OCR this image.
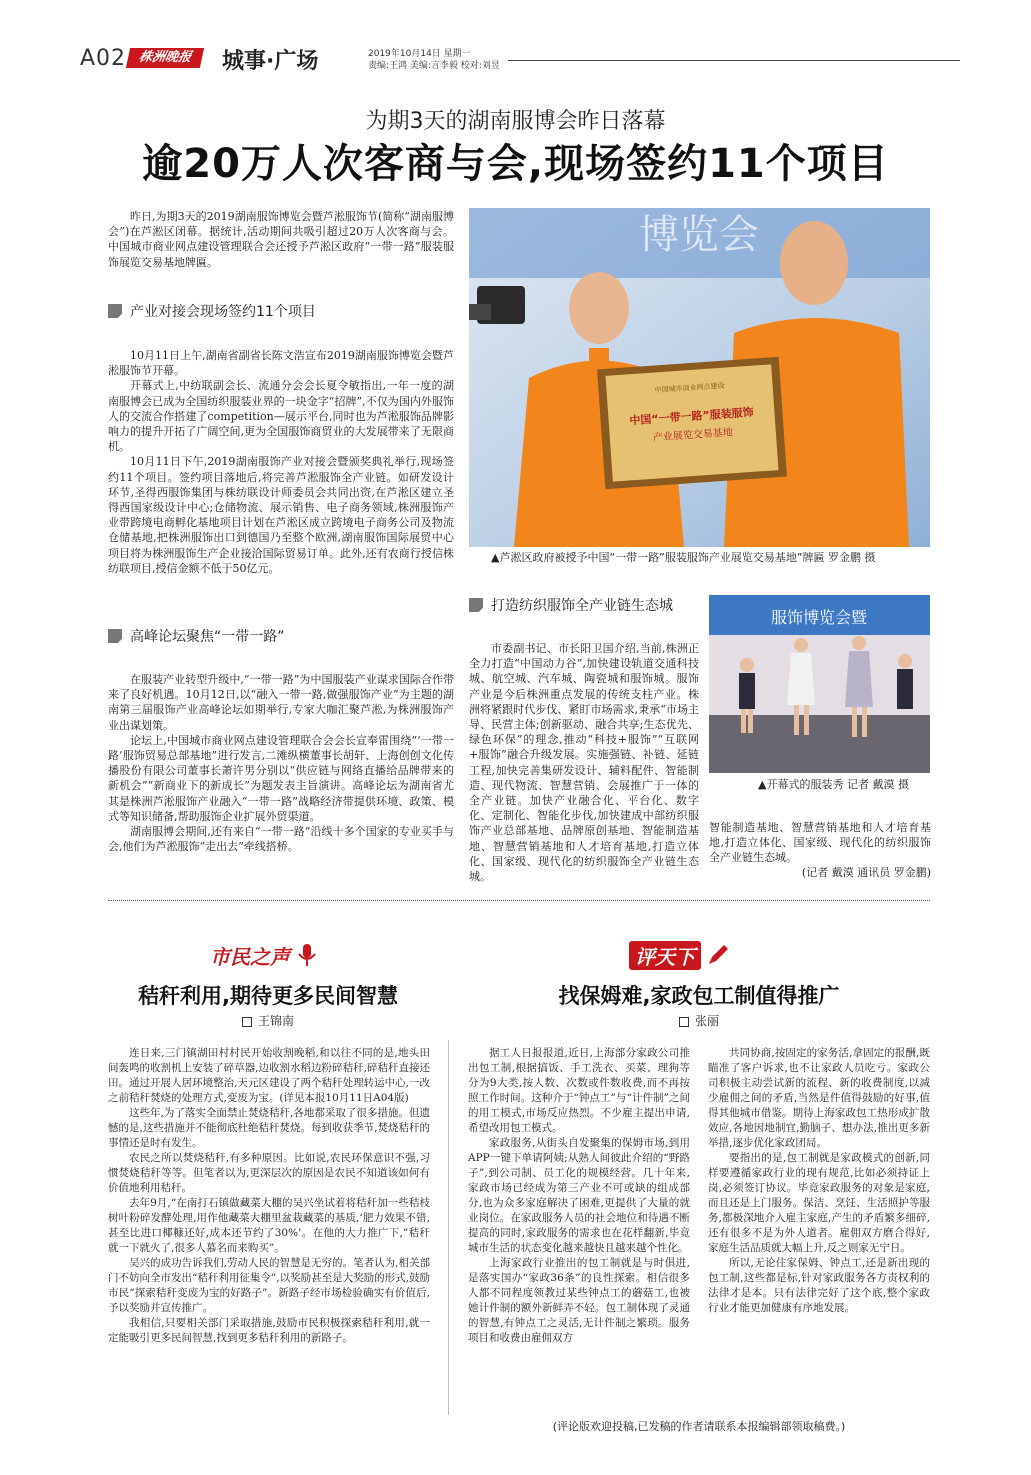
A02 株洲晚报	城事·广场	2019年10月14日 星期一
责编:王鸿 美编:言李毅 校对:刘昱
为期3天的湖南服博会昨日落幕
逾20万人次客商与会,现场签约11个项目

昨日,为期3天的2019湖南服饰博览会暨芦淞服饰节(简称“湖南服博会”)在芦淞区闭幕。据统计,活动期间共吸引超过20万人次客商与会。中国城市商业网点建设管理联合会还授予芦淞区政府“一带一路”服装服饰展览交易基地牌匾。

产业对接会现场签约11个项目

10月11日上午,湖南省副省长陈文浩宣布2019湖南服饰博览会暨芦淞服饰节开幕。

开幕式上,中纺联副会长、流通分会会长夏令敏指出,一年一度的湖南服博会已成为全国纺织服装业界的一块金字“招牌”,不仅为国内外服饰人的交流合作搭建了competition—展示平台,同时也为芦淞服饰品牌影响力的提升开拓了广阔空间,更为全国服饰商贸业的大发展带来了无限商机。

10月11日下午,2019湖南服饰产业对接会暨颁奖典礼举行,现场签约11个项目。签约项目落地后,将完善芦淞服饰全产业链。如研发设计环节,圣得西服饰集团与株纺联设计师委员会共同出资,在芦淞区建立圣得西国家级设计中心;仓储物流、展示销售、电子商务领域,株洲服饰产业带跨境电商孵化基地项目计划在芦淞区成立跨境电子商务公司及物流仓储基地,把株洲服饰出口到德国乃至整个欧洲,湖南服饰国际展贸中心项目将为株洲服饰生产企业接洽国际贸易订单。此外,还有农商行授信株纺联项目,授信金额不低于50亿元。

高峰论坛聚焦“一带一路”

在服装产业转型升级中,“一带一路”为中国服装产业谋求国际合作带来了良好机遇。10月12日,以“融入一带一路,做强服饰产业”为主题的湖南第三届服饰产业高峰论坛如期举行,专家大咖汇聚芦淞,为株洲服饰产业出谋划策。

论坛上,中国城市商业网点建设管理联合会会长宣奉雷围绕“‘一带一路’服饰贸易总部基地”进行发言,二滩纵横董事长胡轩、上海创创文化传播股份有限公司董事长萧许男分别以“供应链与网络直播给品牌带来的新机会”“新商业下的新成长”为题发表主旨演讲。高峰论坛为湖南省尤其是株洲芦淞服饰产业融入“一带一路”战略经济带提供环境、政策、模式等知识储备,帮助服饰企业扩展外贸渠道。

湖南服博会期间,还有来自“一带一路”沿线十多个国家的专业买手与会,他们为芦淞服饰“走出去”牵线搭桥。

博览会
中国城市商业网点建设
中国“一带一路”服装服饰
产业展览交易基地
▲芦淞区政府被授予中国“一带一路”服装服饰产业展览交易基地”牌匾 罗金鹏 摄
打造纺织服饰全产业链生态城

市委副书记、市长阳卫国介绍,当前,株洲正全力打造“中国动力谷”,加快建设轨道交通科技城、航空城、汽车城、陶瓷城和服饰城。服饰产业是今后株洲重点发展的传统支柱产业。株洲将紧跟时代步伐、紧盯市场需求,秉承“市场主导、民营主体;创新驱动、融合共享;生态优先、绿色环保”的理念,推动“科技+服饰”“互联网+服饰”融合升级发展。实施强链、补链、延链工程,加快完善集研发设计、辅料配件、智能制造、现代物流、智慧营销、会展推广于一体的全产业链。加快产业融合化、平台化、数字化、定制化、智能化步伐,加快建成中部纺织服饰产业总部基地、品牌原创基地、智能制造基地、智慧营销基地和人才培育基地,打造立体化、国家级、现代化的纺织服饰全产业链生态城。

服饰博览会暨
▲开幕式的服装秀 记者 戴漠 摄

智能制造基地、智慧营销基地和人才培育基地,打造立体化、国家级、现代化的纺织服饰全产业链生态城。

(记者 戴漠 通讯员 罗金鹏)
市民之声
秸秆利用,期待更多民间智慧
王锦南

连日来,三门镇湖田村村民开始收割晚稻,和以往不同的是,地头田间轰鸣的收割机上安装了碎草器,边收割水稻边粉碎秸秆,碎秸秆直接还田。通过开展人居环境整治,天元区建设了两个秸秆处理转运中心,一改之前秸秆焚烧的处理方式,变废为宝。(详见本报10月11日A04版)

这些年,为了落实全面禁止焚烧秸秆,各地都采取了很多措施。但遗憾的是,这些措施并不能彻底杜绝秸秆焚烧。每到收获季节,焚烧秸秆的事情还是时有发生。

农民之所以焚烧秸秆,有多种原因。比如说,农民环保意识不强,习惯焚烧秸秆等等。但笔者以为,更深层次的原因是农民不知道该如何有价值地利用秸秆。

去年9月,“在南打石镇做藏菜大棚的吴兴坐试着将秸秆加一些秸枝树叶粉碎发酵处理,用作他藏菜大棚里盆栽藏菜的基质,‘肥力效果不错,甚至比进口椰糠还好,成本还节约了30%’。在他的大力推广下,”秸秆就一下就火了,很多人慕名而来购买”。

吴兴的成功告诉我们,劳动人民的智慧是无穷的。笔者认为,相关部门不妨向全市发出“秸秆利用征集令”,以奖励甚至是大奖励的形式,鼓励市民“探索秸秆变废为宝的好路子”。新路子经市场检验确实有价值后,予以奖励并宣传推广。

我相信,只要相关部门采取措施,鼓励市民积极探索秸秆利用,就一定能吸引更多民间智慧,找到更多秸秆利用的新路子。

评天下
找保姆难,家政包工制值得推广
张丽

据工人日报报道,近日,上海部分家政公司推出包工制,根据搞饭、手工洗衣、买菜、理狗等分为9大类,按人数、次数或件数收费,而不再按照工作时间。这种介于“钟点工”与“计件制”之间的用工模式,市场反应热烈。不少雇主提出申请,希望改用包工模式。

家政服务,从街头自发聚集的保姆市场,到用APP一键下单请阿姨;从熟人间彼此介绍的“野路子”,到公司制、员工化的规模经营。几十年来,家政市场已经成为第三产业不可或缺的组成部分,也为众多家庭解决了困难,更提供了大量的就业岗位。在家政服务人员的社会地位和待遇不断提高的同时,家政服务的需求也在花样翻新,毕竟城市生活的状态变化越来越快且越来越个性化。

上海家政行业推出的包工制就是与时俱进,是落实国办“家政36条”的良性探索。相信很多人都不同程度领教过某些钟点工的蘑菇工,也被她计件制的额外新鲜弄不轻。包工制体现了灵通的智慧,有钟点工之灵活,无计件制之繁琐。服务项目和收费由雇佣双方

共同协商,按固定的家务活,拿固定的报酬,既瞄准了客户诉求,也不让家政人员吃亏。家政公司积极主动尝试新的流程、新的收费制度,以减少雇佣之间的矛盾,当然是件值得鼓励的好事,值得其他城市借鉴。期待上海家政包工热形成扩散效应,各地因地制宜,勤脑子、想办法,推出更多新举措,逐步优化家政团局。

要指出的是,包工制就是家政模式的创新,同样要遵循家政行业的现有规范,比如必须持证上岗,必须签订协议。毕竟家政服务的对象是家庭,而且还是上门服务。保洁、烹饪、生活照护等服务,都极深地介入雇主家庭,产生的矛盾繁多细碎,还有很多不是为外人道者。雇佣双方磨合得好,家庭生活品质就大幅上升,反之则家无宁日。

所以,无论住家保姆、钟点工,还是新出现的包工制,这些都是标,针对家政服务各方责权利的法律才是本。只有法律完好了这个底,整个家政行业才能更加健康有序地发展。

(评论版欢迎投稿,已发稿的作者请联系本报编辑部领取稿费。)
